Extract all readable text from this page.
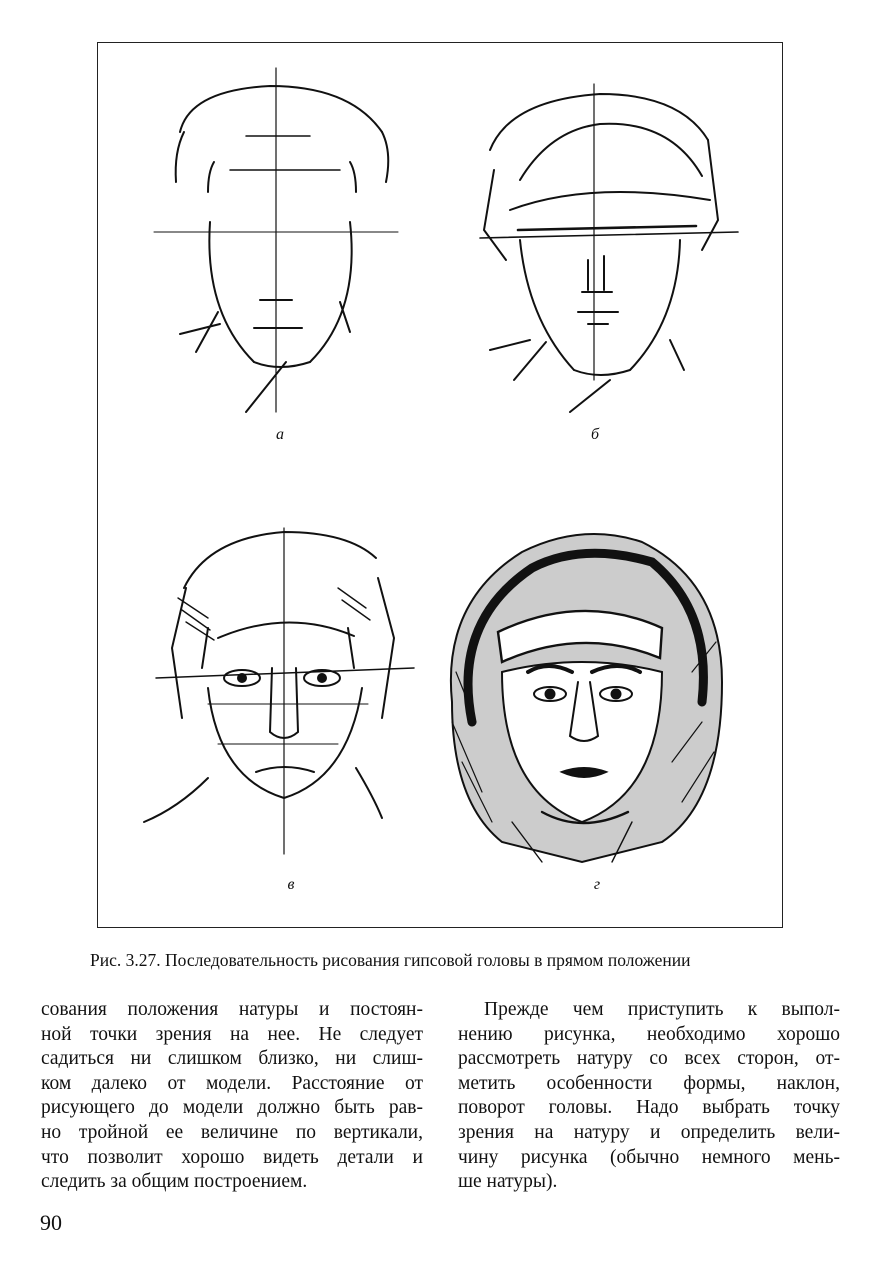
а	б
в	г
Рис. 3.27. Последовательность рисования гипсовой головы в прямом положении
сования положения натуры и постоян-
ной точки зрения на нее. Не следует
садиться ни слишком близко, ни слиш-
ком далеко от модели. Расстояние от
рисующего до модели должно быть рав-
но тройной ее величине по вертикали,
что позволит хорошо видеть детали и
следить за общим построением.
Прежде чем приступить к выпол-
нению рисунка, необходимо хорошо
рассмотреть натуру со всех сторон, от-
метить особенности формы, наклон,
поворот головы. Надо выбрать точку
зрения на натуру и определить вели-
чину рисунка (обычно немного мень-
ше натуры).
90
